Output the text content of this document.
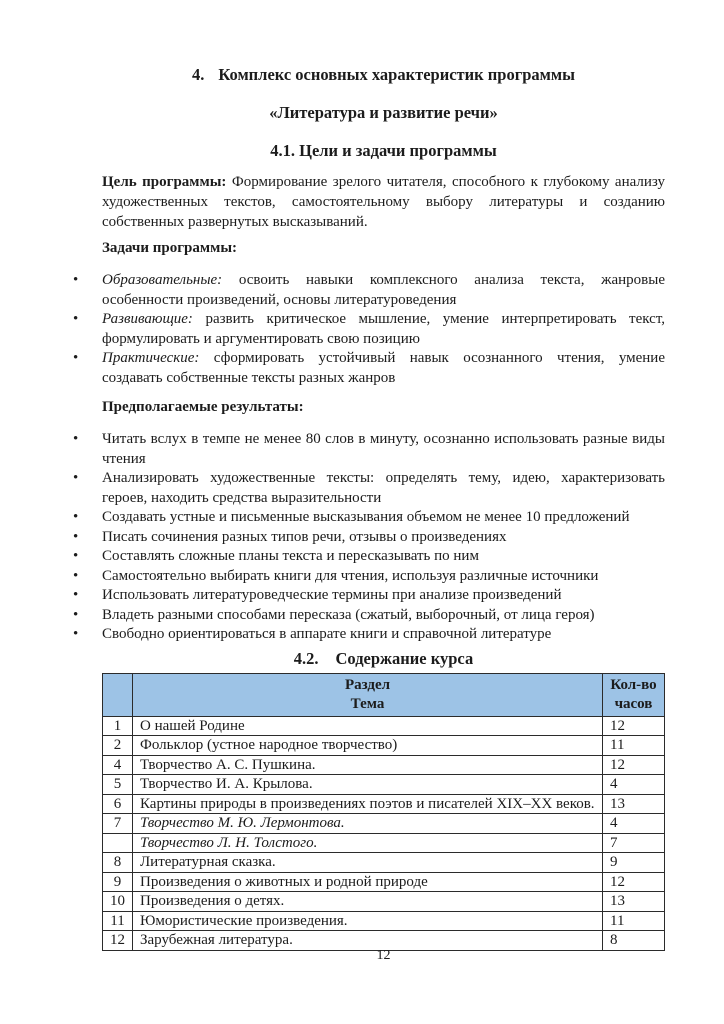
4. Комплекс основных характеристик программы
«Литература и развитие речи»
4.1. Цели и задачи программы

Цель программы: Формирование зрелого читателя, способного к глубокому анализу художественных текстов, самостоятельному выбору литературы и созданию собственных развернутых высказываний.

Задачи программы:

• Образовательные: освоить навыки комплексного анализа текста, жанровые особенности произведений, основы литературоведения
• Развивающие: развить критическое мышление, умение интерпретировать текст, формулировать и аргументировать свою позицию
• Практические: сформировать устойчивый навык осознанного чтения, умение создавать собственные тексты разных жанров

Предполагаемые результаты:

• Читать вслух в темпе не менее 80 слов в минуту, осознанно использовать разные виды чтения
• Анализировать художественные тексты: определять тему, идею, характеризовать героев, находить средства выразительности
• Создавать устные и письменные высказывания объемом не менее 10 предложений
• Писать сочинения разных типов речи, отзывы о произведениях
• Составлять сложные планы текста и пересказывать по ним
• Самостоятельно выбирать книги для чтения, используя различные источники
• Использовать литературоведческие термины при анализе произведений
• Владеть разными способами пересказа (сжатый, выборочный, от лица героя)
• Свободно ориентироваться в аппарате книги и справочной литературе
4.2. Содержание курса

Раздел
Тема

Кол-во
часов

1	О нашей Родине	12
2	Фольклор (устное народное творчество)	11
4	Творчество А. С. Пушкина.	12
5	Творчество И. А. Крылова.	4
6	Картины природы в произведениях поэтов и писателей XIX–XX веков.	13
7	Творчество М. Ю. Лермонтова.	4
	Творчество Л. Н. Толстого.	7
8	Литературная сказка.	9
9	Произведения о животных и родной природе	12
10	Произведения о детях.	13
11	Юмористические произведения.	11
12	Зарубежная литература.	8
12
